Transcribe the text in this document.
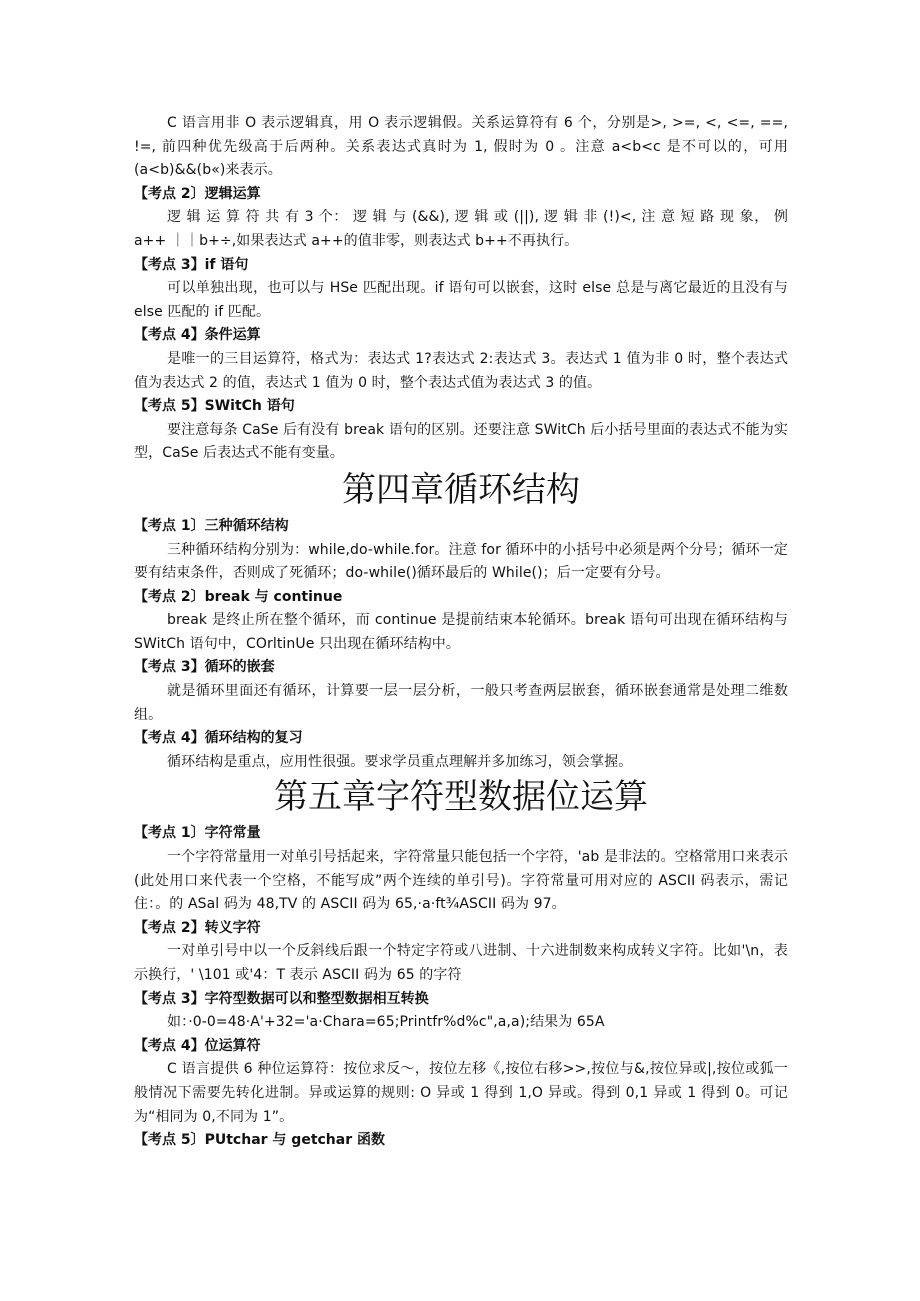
C 语言用非 O 表示逻辑真，用 O 表示逻辑假。关系运算符有 6 个，分别是>, >=, <, <=, ==, !=, 前四种优先级高于后两种。关系表达式真时为 1, 假时为 0 。注意 a<b<c 是不可以的，可用(a<b)&&(b«)来表示。

【考点 2〕逻辑运算

逻 辑 运 算 符 共 有 3 个： 逻 辑 与 (&&), 逻 辑 或 (||), 逻 辑 非 (!)<, 注 意 短 路 现 象， 例 a++ ｜｜b+÷,如果表达式 a++的值非零，则表达式 b++不再执行。

【考点 3】if 语句

可以单独出现，也可以与 HSe 匹配出现。if 语句可以嵌套，这时 else 总是与离它最近的且没有与 else 匹配的 if 匹配。

【考点 4】条件运算

是唯一的三目运算符，格式为：表达式 1?表达式 2:表达式 3。表达式 1 值为非 0 时，整个表达式值为表达式 2 的值，表达式 1 值为 0 时，整个表达式值为表达式 3 的值。

【考点 5】SWitCh 语句

要注意每条 CaSe 后有没有 break 语句的区别。还要注意 SWitCh 后小括号里面的表达式不能为实型，CaSe 后表达式不能有变量。

第四章循环结构

【考点 1〕三种循环结构

三种循环结构分别为：while,do-while.for。注意 for 循环中的小括号中必须是两个分号；循环一定要有结束条件，否则成了死循环；do-while()循环最后的 While()；后一定要有分号。

【考点 2〕break 与 continue

break 是终止所在整个循环，而 continue 是提前结束本轮循环。break 语句可出现在循环结构与 SWitCh 语句中，COrltinUe 只出现在循环结构中。

【考点 3】循环的嵌套

就是循环里面还有循环，计算要一层一层分析，一般只考查两层嵌套，循环嵌套通常是处理二维数组。

【考点 4】循环结构的复习

循环结构是重点，应用性很强。要求学员重点理解并多加练习，领会掌握。

第五章字符型数据位运算

【考点 1〕字符常量

一个字符常量用一对单引号括起来，字符常量只能包括一个字符，'ab 是非法的。空格常用口来表示(此处用口来代表一个空格，不能写成”两个连续的单引号)。字符常量可用对应的 ASCII 码表示，需记住：。的 ASal 码为 48,TV 的 ASCII 码为 65,·a·ft¾ASCII 码为 97。

【考点 2】转义字符

一对单引号中以一个反斜线后跟一个特定字符或八进制、十六进制数来构成转义字符。比如'\n，表示换行，' \101 或'4：T 表示 ASCII 码为 65 的字符

【考点 3】字符型数据可以和整型数据相互转换

如：·0-0=48·A'+32='a·Chara=65;Printfr%d%c",a,a);结果为 65A

【考点 4】位运算符

C 语言提供 6 种位运算符：按位求反～，按位左移《,按位右移>>,按位与&,按位异或|,按位或狐一般情况下需要先转化进制。异或运算的规则: O 异或 1 得到 1,O 异或。得到 0,1 异或 1 得到 0。可记为“相同为 0,不同为 1”。

【考点 5〕PUtchar 与 getchar 函数
